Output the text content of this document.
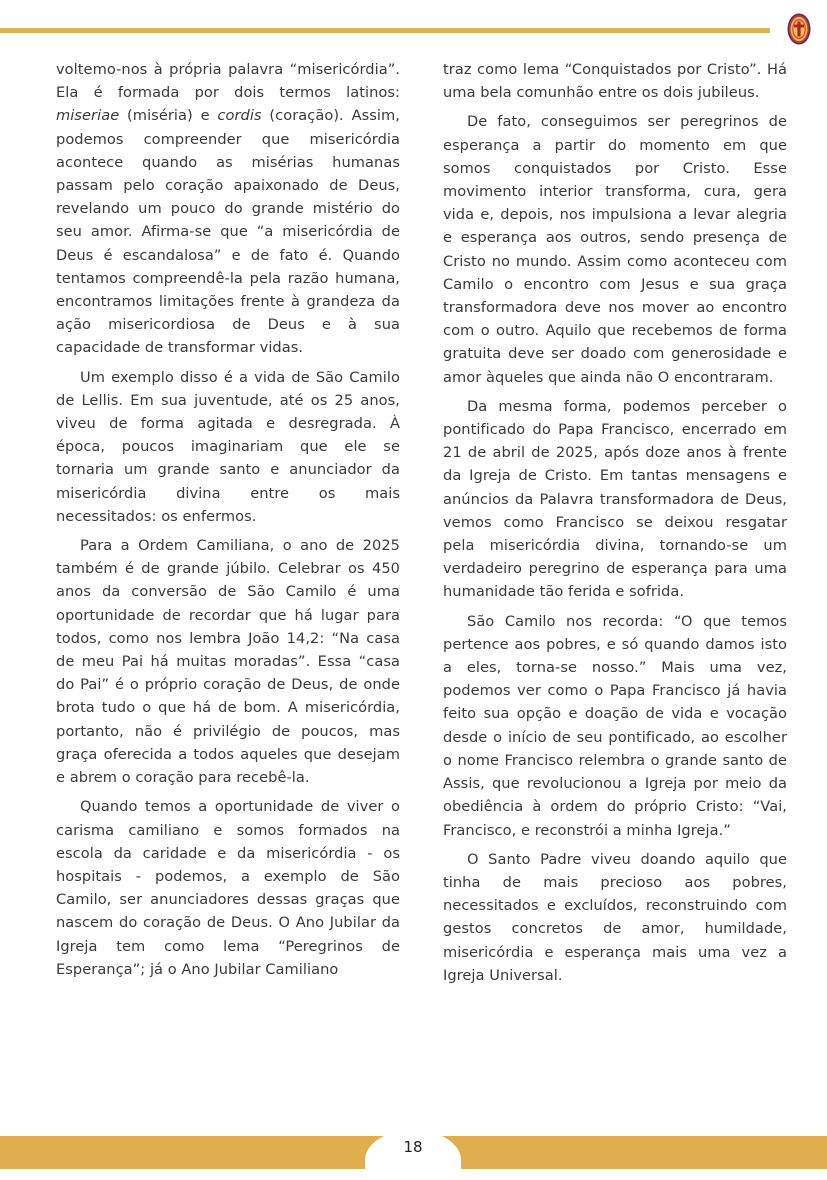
voltemo-nos à própria palavra “misericórdia”. Ela é formada por dois termos latinos: miseriae (miséria) e cordis (coração). Assim, podemos compreender que misericórdia acontece quando as misérias humanas passam pelo coração apaixonado de Deus, revelando um pouco do grande mistério do seu amor. Afirma-se que “a misericórdia de Deus é escandalosa” e de fato é. Quando tentamos compreendê-la pela razão humana, encontramos limitações frente à grandeza da ação misericordiosa de Deus e à sua capacidade de transformar vidas.

Um exemplo disso é a vida de São Camilo de Lellis. Em sua juventude, até os 25 anos, viveu de forma agitada e desregrada. À época, poucos imaginariam que ele se tornaria um grande santo e anunciador da misericórdia divina entre os mais necessitados: os enfermos.

Para a Ordem Camiliana, o ano de 2025 também é de grande júbilo. Celebrar os 450 anos da conversão de São Camilo é uma oportunidade de recordar que há lugar para todos, como nos lembra João 14,2: “Na casa de meu Pai há muitas moradas”. Essa “casa do Pai” é o próprio coração de Deus, de onde brota tudo o que há de bom. A misericórdia, portanto, não é privilégio de poucos, mas graça oferecida a todos aqueles que desejam e abrem o coração para recebê-la.

Quando temos a oportunidade de viver o carisma camiliano e somos formados na escola da caridade e da misericórdia - os hospitais - podemos, a exemplo de São Camilo, ser anunciadores dessas graças que nascem do coração de Deus. O Ano Jubilar da Igreja tem como lema “Peregrinos de Esperança”; já o Ano Jubilar Camiliano

traz como lema “Conquistados por Cristo”. Há uma bela comunhão entre os dois jubileus.

De fato, conseguimos ser peregrinos de esperança a partir do momento em que somos conquistados por Cristo. Esse movimento interior transforma, cura, gera vida e, depois, nos impulsiona a levar alegria e esperança aos outros, sendo presença de Cristo no mundo. Assim como aconteceu com Camilo o encontro com Jesus e sua graça transformadora deve nos mover ao encontro com o outro. Aquilo que recebemos de forma gratuita deve ser doado com generosidade e amor àqueles que ainda não O encontraram.

Da mesma forma, podemos perceber o pontificado do Papa Francisco, encerrado em 21 de abril de 2025, após doze anos à frente da Igreja de Cristo. Em tantas mensagens e anúncios da Palavra transformadora de Deus, vemos como Francisco se deixou resgatar pela misericórdia divina, tornando-se um verdadeiro peregrino de esperança para uma humanidade tão ferida e sofrida.

São Camilo nos recorda: “O que temos pertence aos pobres, e só quando damos isto a eles, torna-se nosso.” Mais uma vez, podemos ver como o Papa Francisco já havia feito sua opção e doação de vida e vocação desde o início de seu pontificado, ao escolher o nome Francisco relembra o grande santo de Assis, que revolucionou a Igreja por meio da obediência à ordem do próprio Cristo: “Vai, Francisco, e reconstrói a minha Igreja.”

O Santo Padre viveu doando aquilo que tinha de mais precioso aos pobres, necessitados e excluídos, reconstruindo com gestos concretos de amor, humildade, misericórdia e esperança mais uma vez a Igreja Universal.

18
